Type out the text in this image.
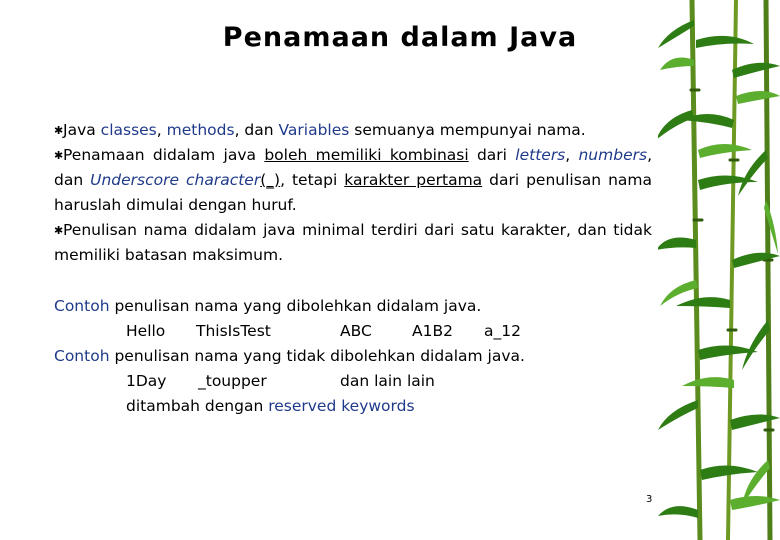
Penamaan dalam Java

✱Java classes, methods, dan Variables semuanya mempunyai nama.

✱Penamaan didalam java boleh memiliki kombinasi dari letters, numbers, dan Underscore character(_), tetapi karakter pertama dari penulisan nama haruslah dimulai dengan huruf.

✱Penulisan nama didalam java minimal terdiri dari satu karakter, dan tidak memiliki batasan maksimum.

Contoh penulisan nama yang dibolehkan didalam java.
Hello ThisIsTest	ABC	A1B2 a_12
Contoh penulisan nama yang tidak dibolehkan didalam java.
1Day _toupper	dan lain lain
ditambah dengan reserved keywords
3
